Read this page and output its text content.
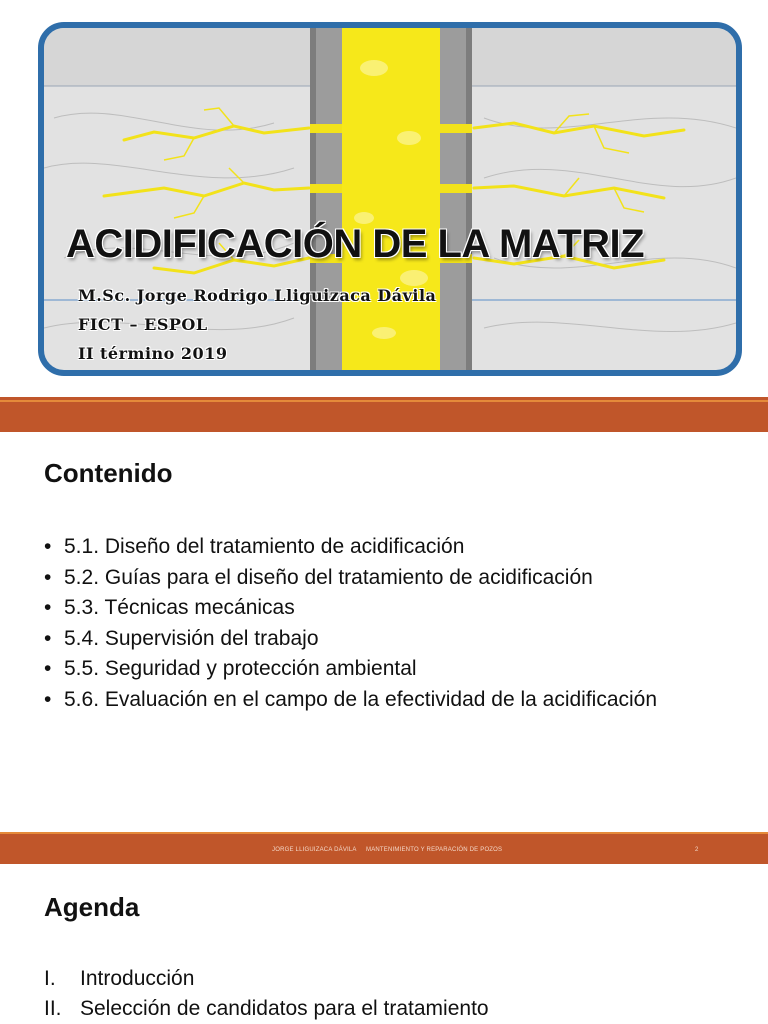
ACIDIFICACIÓN DE LA MATRIZ
M.Sc. Jorge Rodrigo Lliguizaca Dávila
FICT – ESPOL
II término 2019
Contenido
• 5.1. Diseño del tratamiento de acidificación
• 5.2. Guías para el diseño del tratamiento de acidificación
• 5.3. Técnicas mecánicas
• 5.4. Supervisión del trabajo
• 5.5. Seguridad y protección ambiental
• 5.6. Evaluación en el campo de la efectividad de la acidificación
JORGE LLIGUIZACA DÁVILA MANTENIMIENTO Y REPARACIÓN DE POZOS	2
Agenda
I. Introducción
II. Selección de candidatos para el tratamiento
